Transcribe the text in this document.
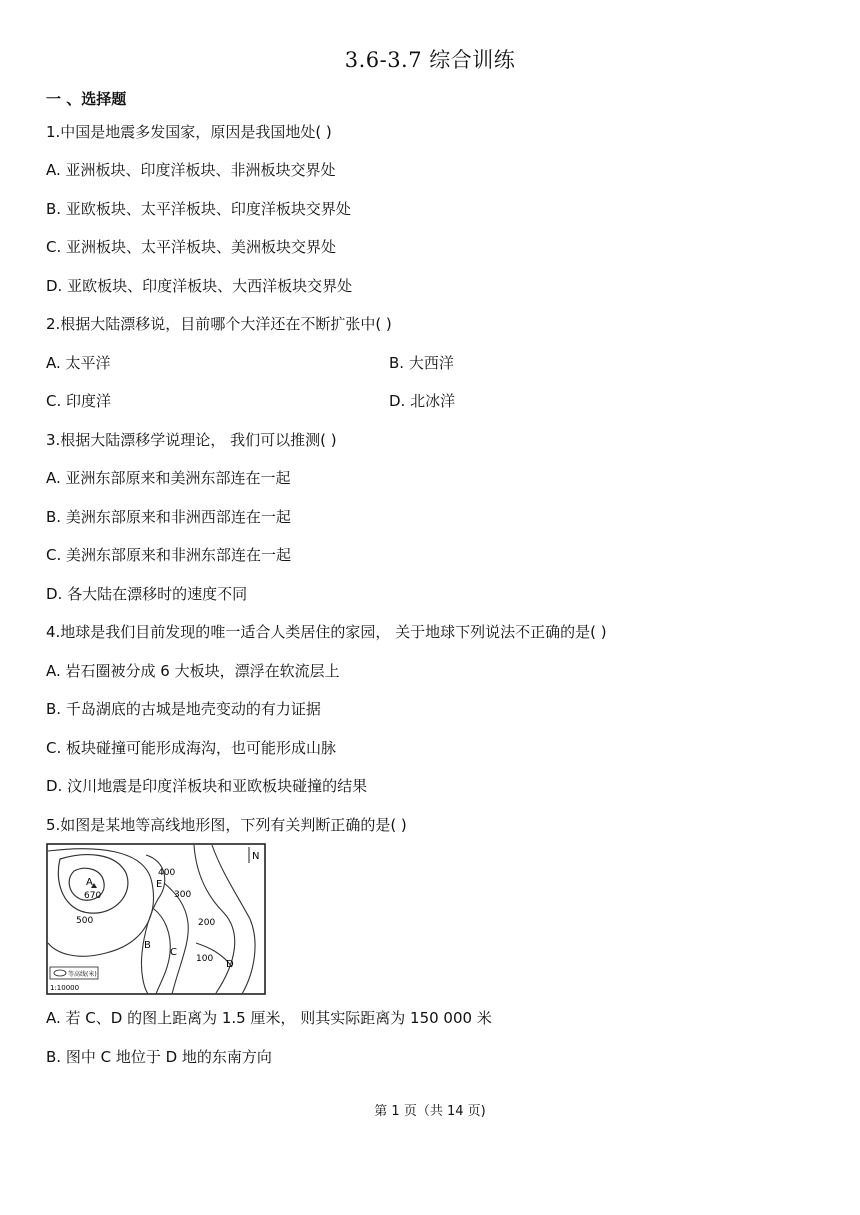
3.6-3.7 综合训练
一 、选择题
1.中国是地震多发国家，原因是我国地处( )
A. 亚洲板块、印度洋板块、非洲板块交界处
B. 亚欧板块、太平洋板块、印度洋板块交界处
C. 亚洲板块、太平洋板块、美洲板块交界处
D. 亚欧板块、印度洋板块、大西洋板块交界处
2.根据大陆漂移说，目前哪个大洋还在不断扩张中( )
A. 太平洋	B. 大西洋
C. 印度洋	D. 北冰洋
3.根据大陆漂移学说理论， 我们可以推测( )
A. 亚洲东部原来和美洲东部连在一起
B. 美洲东部原来和非洲西部连在一起
C. 美洲东部原来和非洲东部连在一起
D. 各大陆在漂移时的速度不同
4.地球是我们目前发现的唯一适合人类居住的家园， 关于地球下列说法不正确的是( )
A. 岩石圈被分成 6 大板块，漂浮在软流层上
B. 千岛湖底的古城是地壳变动的有力证据
C. 板块碰撞可能形成海沟，也可能形成山脉
D. 汶川地震是印度洋板块和亚欧板块碰撞的结果
5.如图是某地等高线地形图，下列有关判断正确的是( )
A
670
500
400
E
300
200
B
C
100 D
N
等高线(米)
1:10000
A. 若 C、D 的图上距离为 1.5 厘米， 则其实际距离为 150 000 米
B. 图中 C 地位于 D 地的东南方向
第 1 页（共 14 页)
